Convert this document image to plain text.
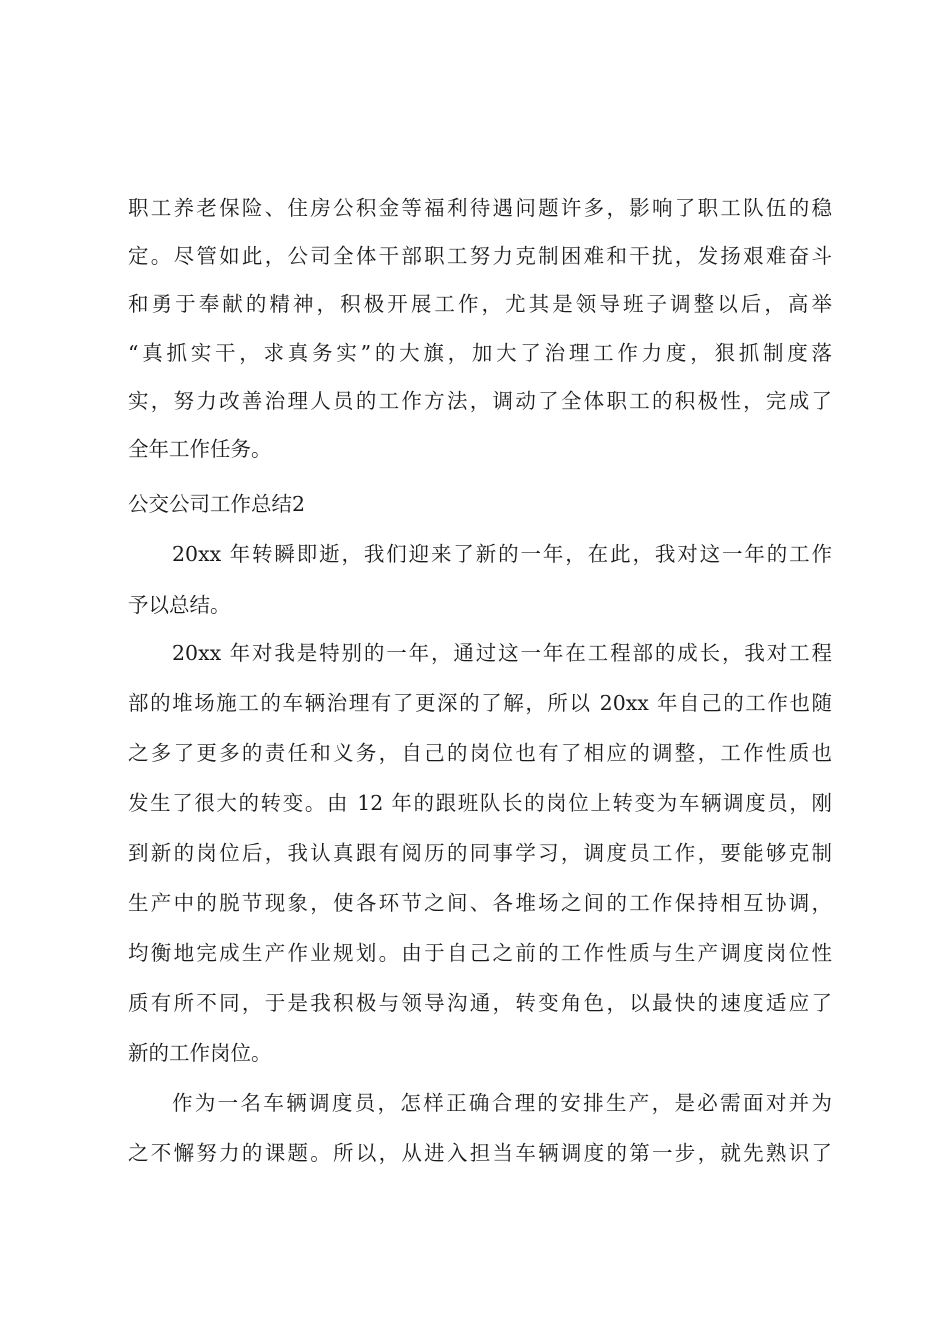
职工养老保险、住房公积金等福利待遇问题许多，影响了职工队伍的稳
定。尽管如此，公司全体干部职工努力克制困难和干扰，发扬艰难奋斗
和勇于奉献的精神，积极开展工作，尤其是领导班子调整以后，高举
“真抓实干，求真务实”的大旗，加大了治理工作力度，狠抓制度落
实，努力改善治理人员的工作方法，调动了全体职工的积极性，完成了
全年工作任务。
公交公司工作总结2
20xx 年转瞬即逝，我们迎来了新的一年，在此，我对这一年的工作
予以总结。
20xx 年对我是特别的一年，通过这一年在工程部的成长，我对工程
部的堆场施工的车辆治理有了更深的了解，所以 20xx 年自己的工作也随
之多了更多的责任和义务，自己的岗位也有了相应的调整，工作性质也
发生了很大的转变。由 12 年的跟班队长的岗位上转变为车辆调度员，刚
到新的岗位后，我认真跟有阅历的同事学习，调度员工作，要能够克制
生产中的脱节现象，使各环节之间、各堆场之间的工作保持相互协调，
均衡地完成生产作业规划。由于自己之前的工作性质与生产调度岗位性
质有所不同，于是我积极与领导沟通，转变角色，以最快的速度适应了
新的工作岗位。
作为一名车辆调度员，怎样正确合理的安排生产，是必需面对并为
之不懈努力的课题。所以，从进入担当车辆调度的第一步，就先熟识了
